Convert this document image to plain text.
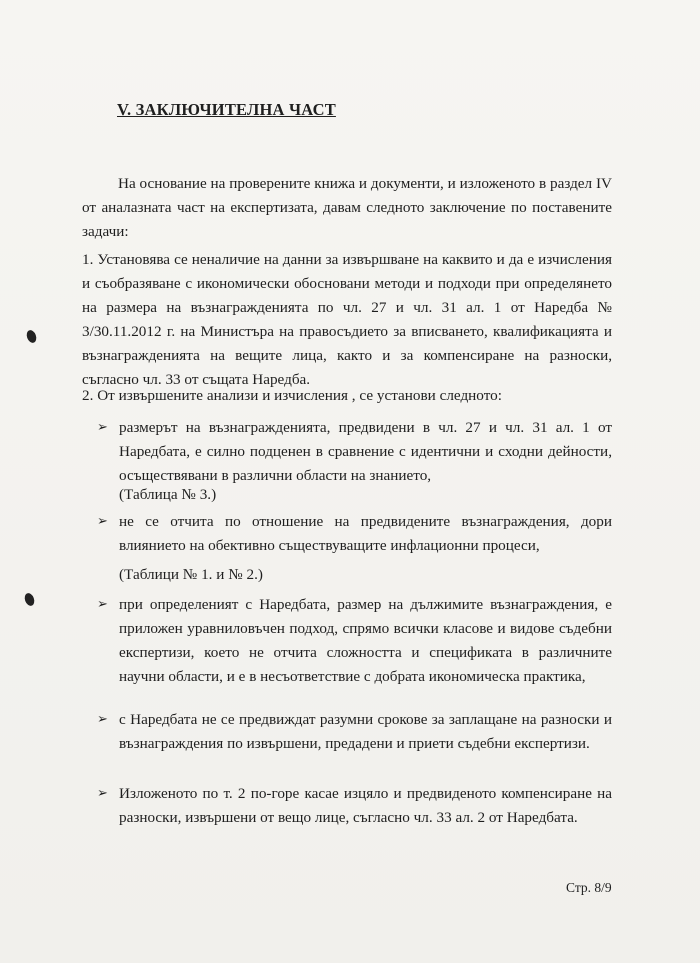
V. ЗАКЛЮЧИТЕЛНА ЧАСТ
На основание на проверените книжа и документи, и изложеното в раздел IV от аналазната част на експертизата, давам следното заключение по поставените задачи:
1. Установява се неналичие на данни за извършване на каквито и да е изчисления и съобразяване с икономически обосновани методи и подходи при определянето на размера на възнагражденията по чл. 27 и чл. 31 ал. 1 от Наредба № 3/30.11.2012 г. на Министъра на правосъдието за вписването, квалификацията и възнагражденията на вещите лица, както и за компенсиране на разноски, съгласно чл. 33 от същата Наредба.
2. От извършените анализи и изчисления , се установи следното:
➢ размерът на възнагражденията, предвидени в чл. 27 и чл. 31 ал. 1 от Наредбата, е силно подценен в сравнение с идентични и сходни дейности, осъществявани в различни области на знанието,
(Таблица № 3.)
➢ не се отчита по отношение на предвидените възнаграждения, дори влиянието на обективно съществуващите инфлационни процеси,
(Таблици № 1. и № 2.)
➢ при определеният с Наредбата, размер на дължимите възнаграждения, е приложен уравниловъчен подход, спрямо всички класове и видове съдебни експертизи, което не отчита сложността и спецификата в различните научни области, и е в несъответствие с добрата икономическа практика,
➢ с Наредбата не се предвиждат разумни срокове за заплащане на разноски и възнаграждения по извършени, предадени и приети съдебни експертизи.
➢ Изложеното по т. 2 по-горе касае изцяло и предвиденото компенсиране на разноски, извършени от вещо лице, съгласно чл. 33 ал. 2 от Наредбата.
Стр. 8/9
